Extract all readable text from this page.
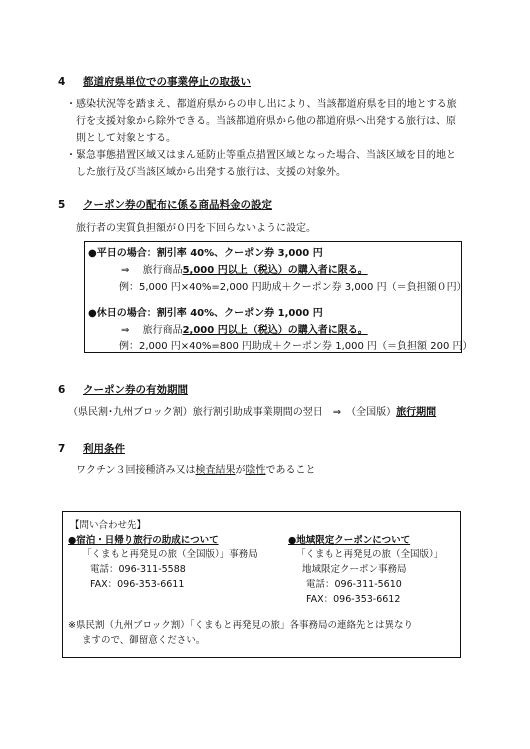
4 都道府県単位での事業停止の取扱い
・感染状況等を踏まえ、都道府県からの申し出により、当該都道府県を目的地とする旅
行を支援対象から除外できる。当該都道府県から他の都道府県へ出発する旅行は、原
則として対象とする。
・緊急事態措置区域又はまん延防止等重点措置区域となった場合、当該区域を目的地と
した旅行及び当該区域から出発する旅行は、支援の対象外。
5 クーポン券の配布に係る商品料金の設定
旅行者の実質負担額が０円を下回らないように設定。
●平日の場合：割引率 40%、クーポン券 3,000 円
⇒ 旅行商品5,000 円以上（税込）の購入者に限る。
例：5,000 円×40%=2,000 円助成＋クーポン券 3,000 円（＝負担額０円）
●休日の場合：割引率 40%、クーポン券 1,000 円
⇒ 旅行商品2,000 円以上（税込）の購入者に限る。
例：2,000 円×40%=800 円助成＋クーポン券 1,000 円（＝負担額 200 円）
6 クーポン券の有効期間
（県民割･九州ブロック割）旅行割引助成事業期間の翌日　⇒　（全国版）旅行期間
7 利用条件
ワクチン３回接種済み又は検査結果が陰性であること
【問い合わせ先】
●宿泊・日帰り旅行の助成について
「くまもと再発見の旅（全国版）」事務局
電話：096-311-5588
FAX：096-353-6611
●地域限定クーポンについて
「くまもと再発見の旅（全国版）」
地域限定クーポン事務局
電話：096-311-5610
FAX：096-353-6612
※県民割（九州ブロック割）「くまもと再発見の旅」各事務局の連絡先とは異なり
ますので、御留意ください。
